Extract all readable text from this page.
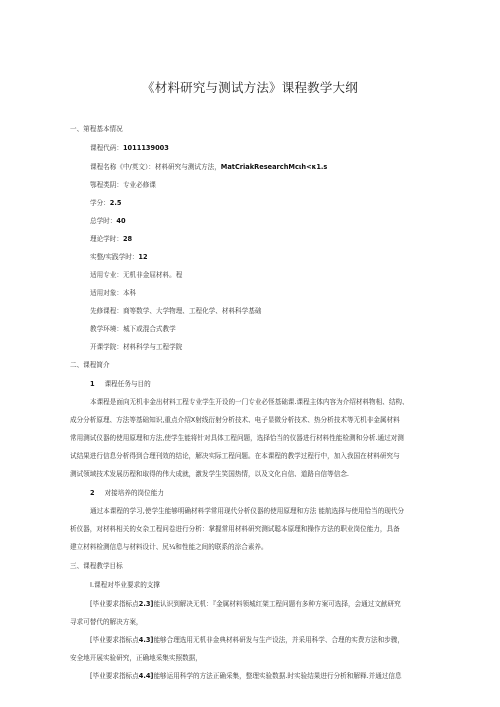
《材料研究与测试方法》课程教学大纲
一、第程基本情况
课程代码：1011139003
课程名称《中/英文）：材料研究与测试方法，MatCriakResearchMcιh<κ1.s
鄂程类阴：专业必修课
学分：2.5
总学时：40
理论学时：28
实整/实践学时：12
适用专业：无机非金屈材料。程
适用对象：本科
先修课程：商等数学、大学物理、工程化学、材料科学基础
教学环境：城下或混合式教学
开课学院：材料科学与工程学院
二、课程简介
1 课程任务与目的
本课程是面向无机非金出材料工程专业学生开设的一门专业必怪基础课.课程主体内容为介绍材料物相、结构、
成分分析原理、方法等基础知识,重点介绍X射线衍射分析技术、电子显微分析技术、热分析技术等无机非金属材料
常用测试仪器的使用原理和方法,使学生能将针对具体工程问题，选择恰当的仪器进行材料性能检测和分析.通过对测
试结果进行信息分析得到合理刊效的结论，解决实际工程问题。在本课程的教学过程行中，加入我国在材料研究与
测试领域技术发展历程和取得的伟大成就，激发学生笑国热情，以及文化自信、道路自信等信念.
2 对接培养的岗位能力
通过本课程的学习,使学生能够明确材料学常用现代分析仪器的使用原理和方法 能航选择与使用恰当的现代分
析仪器，对材料相关的女杂工程问卷进行分析：掌握常用材料研究测试聪本原理和操作方法的职业岗位能力，具备
建立材料检测信息与材料设计、尻¼和性能之间的联系的淙合素养。
三、课程教学目标
I.课程对毕业要求的支撑
[毕业要求指标点2.3]能认识到解决无机：『金属材料领城红架工程问题有多种方案可选择，会通过文献研究
寻求可替代的解决方案，
[毕业要求指标点4.3]能够合理选用无机非金典材料研发与生产设法，并采用科学、合理的实费方法和步骤，
安全地开展实验研究，正确地采集实照数据，
[毕业要求指标点4.4]能够运用科学的方法正确采集，整理实验数据.时实验结果进行分析和解释.并通过信息
